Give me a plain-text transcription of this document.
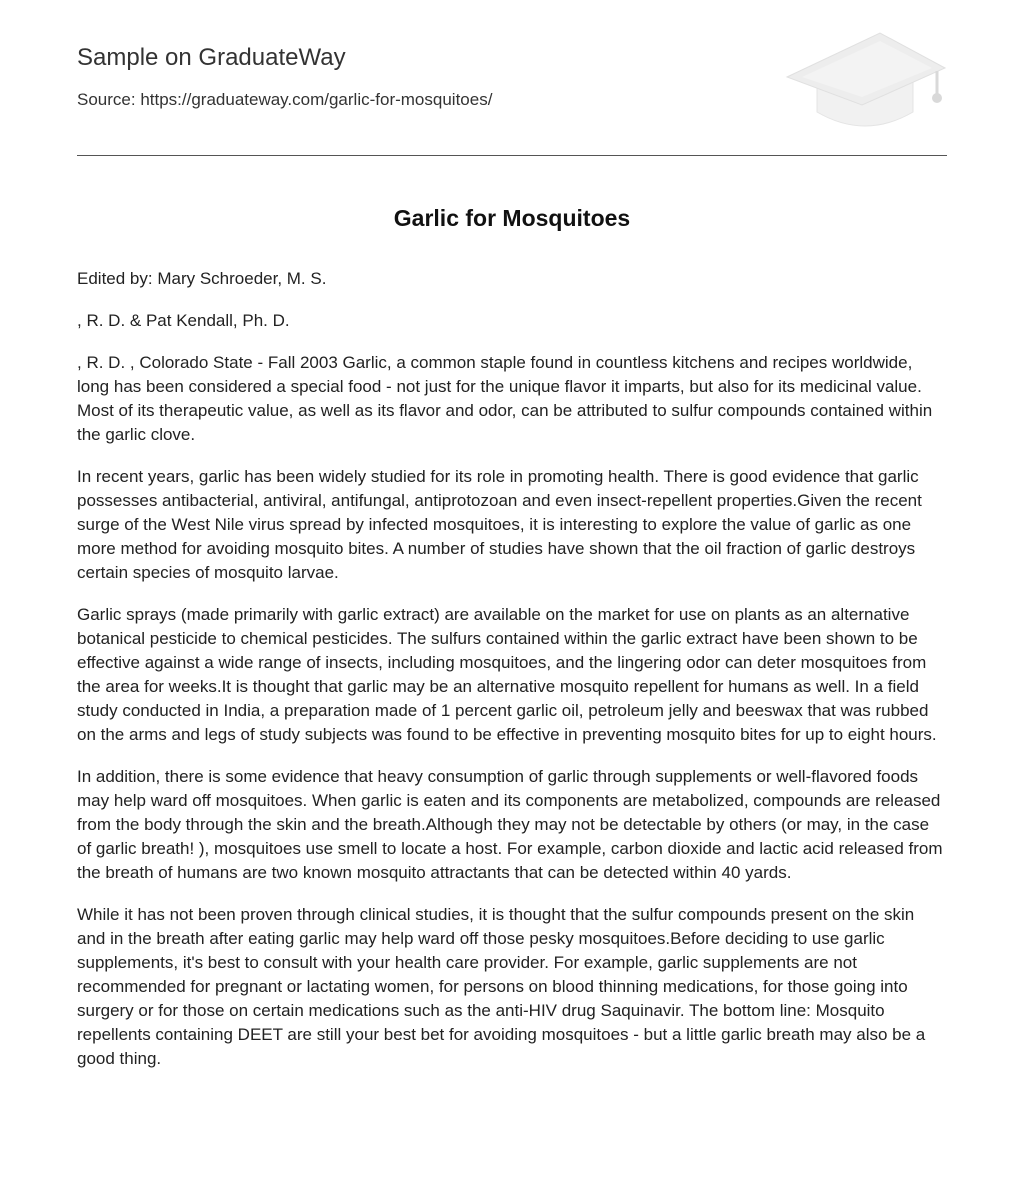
Sample on GraduateWay
Source: https://graduateway.com/garlic-for-mosquitoes/
Garlic for Mosquitoes

Edited by: Mary Schroeder, M. S.

, R. D. & Pat Kendall, Ph. D.

, R. D. , Colorado State - Fall 2003 Garlic, a common staple found in countless kitchens and recipes worldwide, long has been considered a special food - not just for the unique flavor it imparts, but also for its medicinal value. Most of its therapeutic value, as well as its flavor and odor, can be attributed to sulfur compounds contained within the garlic clove.

In recent years, garlic has been widely studied for its role in promoting health. There is good evidence that garlic possesses antibacterial, antiviral, antifungal, antiprotozoan and even insect-repellent properties.Given the recent surge of the West Nile virus spread by infected mosquitoes, it is interesting to explore the value of garlic as one more method for avoiding mosquito bites. A number of studies have shown that the oil fraction of garlic destroys certain species of mosquito larvae.

Garlic sprays (made primarily with garlic extract) are available on the market for use on plants as an alternative botanical pesticide to chemical pesticides. The sulfurs contained within the garlic extract have been shown to be effective against a wide range of insects, including mosquitoes, and the lingering odor can deter mosquitoes from the area for weeks.It is thought that garlic may be an alternative mosquito repellent for humans as well. In a field study conducted in India, a preparation made of 1 percent garlic oil, petroleum jelly and beeswax that was rubbed on the arms and legs of study subjects was found to be effective in preventing mosquito bites for up to eight hours.

In addition, there is some evidence that heavy consumption of garlic through supplements or well-flavored foods may help ward off mosquitoes. When garlic is eaten and its components are metabolized, compounds are released from the body through the skin and the breath.Although they may not be detectable by others (or may, in the case of garlic breath! ), mosquitoes use smell to locate a host. For example, carbon dioxide and lactic acid released from the breath of humans are two known mosquito attractants that can be detected within 40 yards.

While it has not been proven through clinical studies, it is thought that the sulfur compounds present on the skin and in the breath after eating garlic may help ward off those pesky mosquitoes.Before deciding to use garlic supplements, it's best to consult with your health care provider. For example, garlic supplements are not recommended for pregnant or lactating women, for persons on blood thinning medications, for those going into surgery or for those on certain medications such as the anti-HIV drug Saquinavir. The bottom line: Mosquito repellents containing DEET are still your best bet for avoiding mosquitoes - but a little garlic breath may also be a good thing.
